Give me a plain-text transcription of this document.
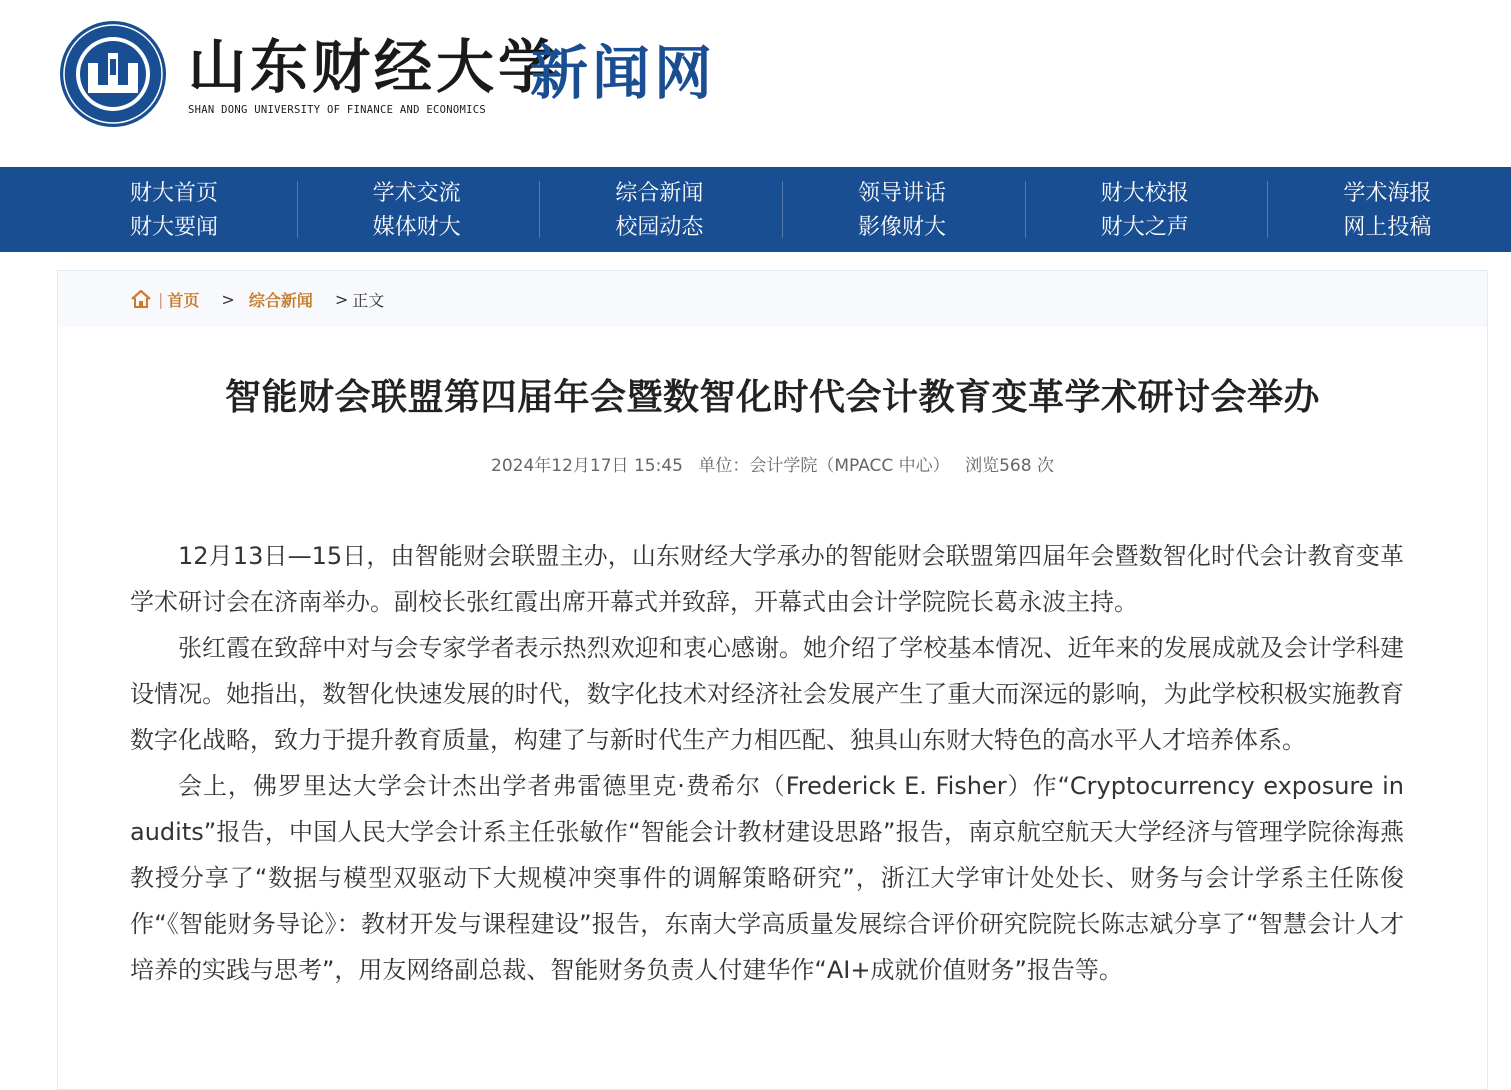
山东财经大学
SHAN DONG UNIVERSITY OF FINANCE AND ECONOMICS
新闻网
财大首页
财大要闻
学术交流
媒体财大
综合新闻
校园动态
领导讲话
影像财大
财大校报
财大之声
学术海报
网上投稿
| 首页 > 综合新闻 > 正文
智能财会联盟第四届年会暨数智化时代会计教育变革学术研讨会举办
2024年12月17日 15:45 单位：会计学院（MPACC 中心） 浏览568 次

12月13日—15日，由智能财会联盟主办，山东财经大学承办的智能财会联盟第四届年会暨数智化时代会计教育变革学术研讨会在济南举办。副校长张红霞出席开幕式并致辞，开幕式由会计学院院长葛永波主持。

张红霞在致辞中对与会专家学者表示热烈欢迎和衷心感谢。她介绍了学校基本情况、近年来的发展成就及会计学科建设情况。她指出，数智化快速发展的时代，数字化技术对经济社会发展产生了重大而深远的影响，为此学校积极实施教育数字化战略，致力于提升教育质量，构建了与新时代生产力相匹配、独具山东财大特色的高水平人才培养体系。

会上，佛罗里达大学会计杰出学者弗雷德里克·费希尔（Frederick E. Fisher）作“Cryptocurrency exposure in audits”报告，中国人民大学会计系主任张敏作“智能会计教材建设思路”报告，南京航空航天大学经济与管理学院徐海燕教授分享了“数据与模型双驱动下大规模冲突事件的调解策略研究”，浙江大学审计处处长、财务与会计学系主任陈俊作“《智能财务导论》：教材开发与课程建设”报告，东南大学高质量发展综合评价研究院院长陈志斌分享了“智慧会计人才培养的实践与思考”，用友网络副总裁、智能财务负责人付建华作“AI+成就价值财务”报告等。
